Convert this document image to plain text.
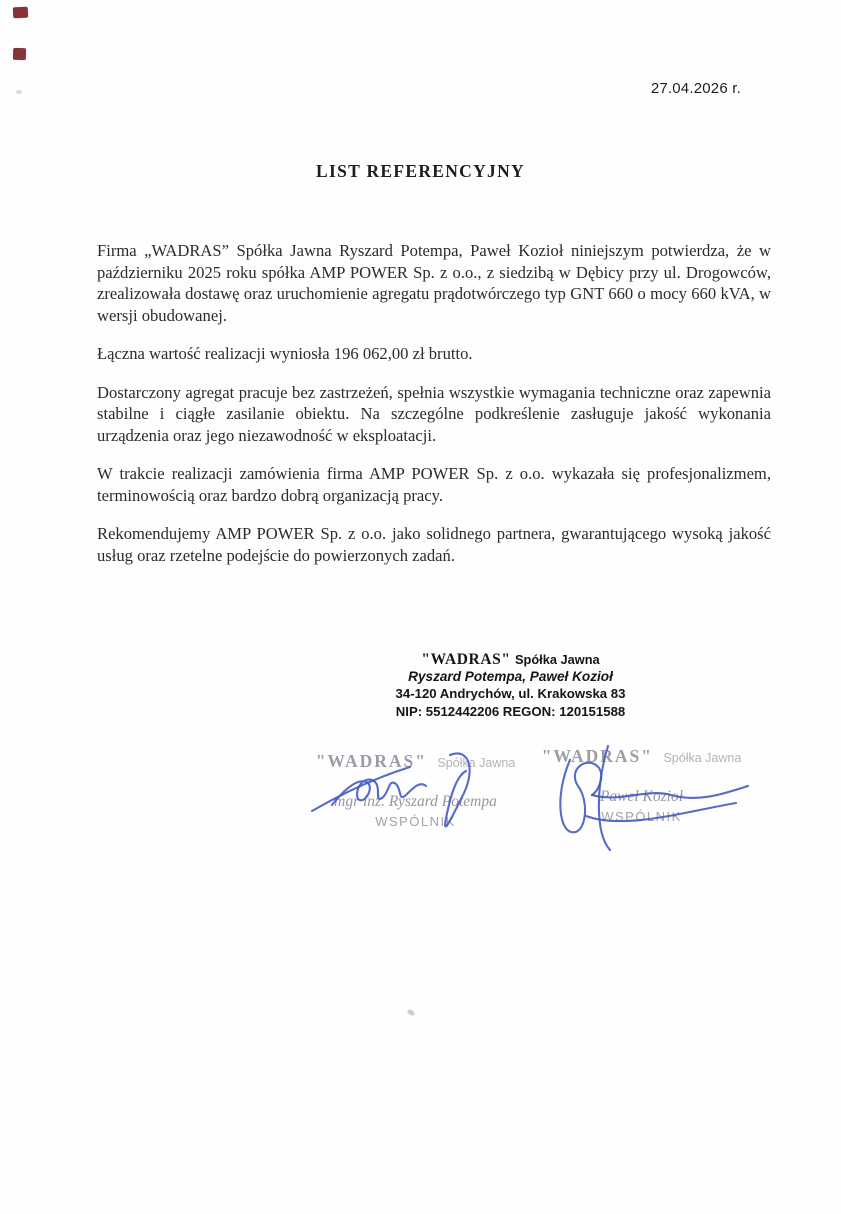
27.04.2026 r.
LIST REFERENCYJNY

Firma „WADRAS” Spółka Jawna Ryszard Potempa, Paweł Kozioł niniejszym potwierdza, że w październiku 2025 roku spółka AMP POWER Sp. z o.o., z siedzibą w Dębicy przy ul. Drogowców, zrealizowała dostawę oraz uruchomienie agregatu prądotwórczego typ GNT 660 o mocy 660 kVA, w wersji obudowanej.

Łączna wartość realizacji wyniosła 196 062,00 zł brutto.

Dostarczony agregat pracuje bez zastrzeżeń, spełnia wszystkie wymagania techniczne oraz zapewnia stabilne i ciągłe zasilanie obiektu. Na szczególne podkreślenie zasługuje jakość wykonania urządzenia oraz jego niezawodność w eksploatacji.

W trakcie realizacji zamówienia firma AMP POWER Sp. z o.o. wykazała się profesjonalizmem, terminowością oraz bardzo dobrą organizacją pracy.

Rekomendujemy AMP POWER Sp. z o.o. jako solidnego partnera, gwarantującego wysoką jakość usług oraz rzetelne podejście do powierzonych zadań.

"WADRAS" Spółka Jawna
Ryszard Potempa, Paweł Kozioł
34-120 Andrychów, ul. Krakowska 83
NIP: 5512442206 REGON: 120151588
"WADRAS" Spółka Jawna
mgr inż. Ryszard Potempa
WSPÓLNIK
"WADRAS" Spółka Jawna
Paweł Kozioł
WSPÓLNIK
